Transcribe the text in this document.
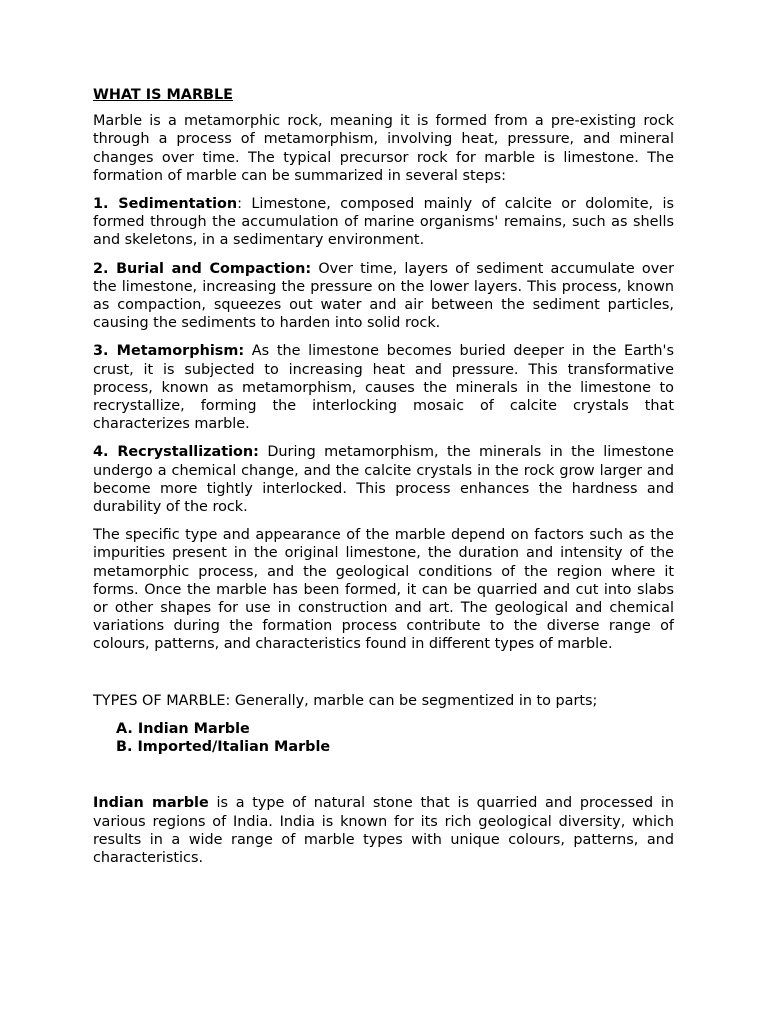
WHAT IS MARBLE

Marble is a metamorphic rock, meaning it is formed from a pre-existing rock through a process of metamorphism, involving heat, pressure, and mineral changes over time. The typical precursor rock for marble is limestone. The formation of marble can be summarized in several steps:

1. Sedimentation: Limestone, composed mainly of calcite or dolomite, is formed through the accumulation of marine organisms' remains, such as shells and skeletons, in a sedimentary environment.

2. Burial and Compaction: Over time, layers of sediment accumulate over the limestone, increasing the pressure on the lower layers. This process, known as compaction, squeezes out water and air between the sediment particles, causing the sediments to harden into solid rock.

3. Metamorphism: As the limestone becomes buried deeper in the Earth's crust, it is subjected to increasing heat and pressure. This transformative process, known as metamorphism, causes the minerals in the limestone to recrystallize, forming the interlocking mosaic of calcite crystals that characterizes marble.

4. Recrystallization: During metamorphism, the minerals in the limestone undergo a chemical change, and the calcite crystals in the rock grow larger and become more tightly interlocked. This process enhances the hardness and durability of the rock.

The specific type and appearance of the marble depend on factors such as the impurities present in the original limestone, the duration and intensity of the metamorphic process, and the geological conditions of the region where it forms. Once the marble has been formed, it can be quarried and cut into slabs or other shapes for use in construction and art. The geological and chemical variations during the formation process contribute to the diverse range of colours, patterns, and characteristics found in different types of marble.

TYPES OF MARBLE: Generally, marble can be segmentized in to parts;

A. Indian Marble
B. Imported/Italian Marble

Indian marble is a type of natural stone that is quarried and processed in various regions of India. India is known for its rich geological diversity, which results in a wide range of marble types with unique colours, patterns, and characteristics.
